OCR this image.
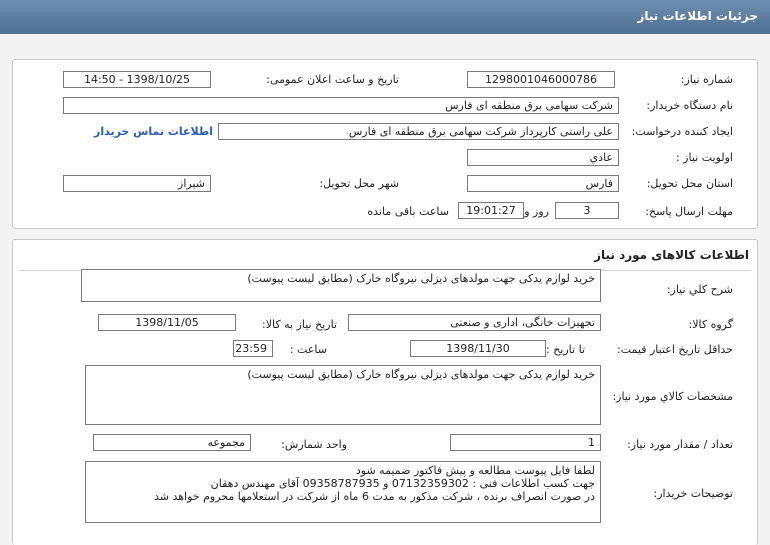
جزئیات اطلاعات نیاز
شماره نیاز:
1298001046000786
تاریخ و ساعت اعلان عمومی:
1398/10/25 - 14:50
نام دستگاه خریدار:
شرکت سهامی برق منطقه ای فارس
ایجاد کننده درخواست:
علی راستی کارپرداز شرکت سهامی برق منطقه ای فارس
اطلاعات تماس خریدار
اولویت نیاز :
عادي
استان محل تحویل:
فارس
شهر محل تحویل:
شیراز
مهلت ارسال پاسخ:
3
روز و
19:01:27
ساعت باقی مانده
اطلاعات کالاهای مورد نیاز
شرح کلي نیاز:
خرید لوازم یدکی جهت مولدهای دیزلی نیروگاه خارک (مطابق لیست پیوست)
گروه کالا:
تجهیزات خانگی، اداری و صنعتی
تاریخ نیاز به کالا:
1398/11/05
حداقل تاریخ اعتبار قیمت:
تا تاریخ :
1398/11/30
ساعت :
23:59
مشخصات کالاي مورد نیاز:
خرید لوازم یدکی جهت مولدهای دیزلی نیروگاه خارک (مطابق لیست پیوست)
تعداد / مقدار مورد نیاز:
1
واحد شمارش:
مجموعه
توضیحات خریدار:
لطفا فایل پیوست مطالعه و پیش فاکتور ضمیمه شود
جهت کسب اطلاعات فنی : 07132359302 و 09358787935 آقای مهندس دهقان
در صورت انصراف برنده ، شرکت مذکور به مدت 6 ماه از شرکت در استعلامها محروم خواهد شد
